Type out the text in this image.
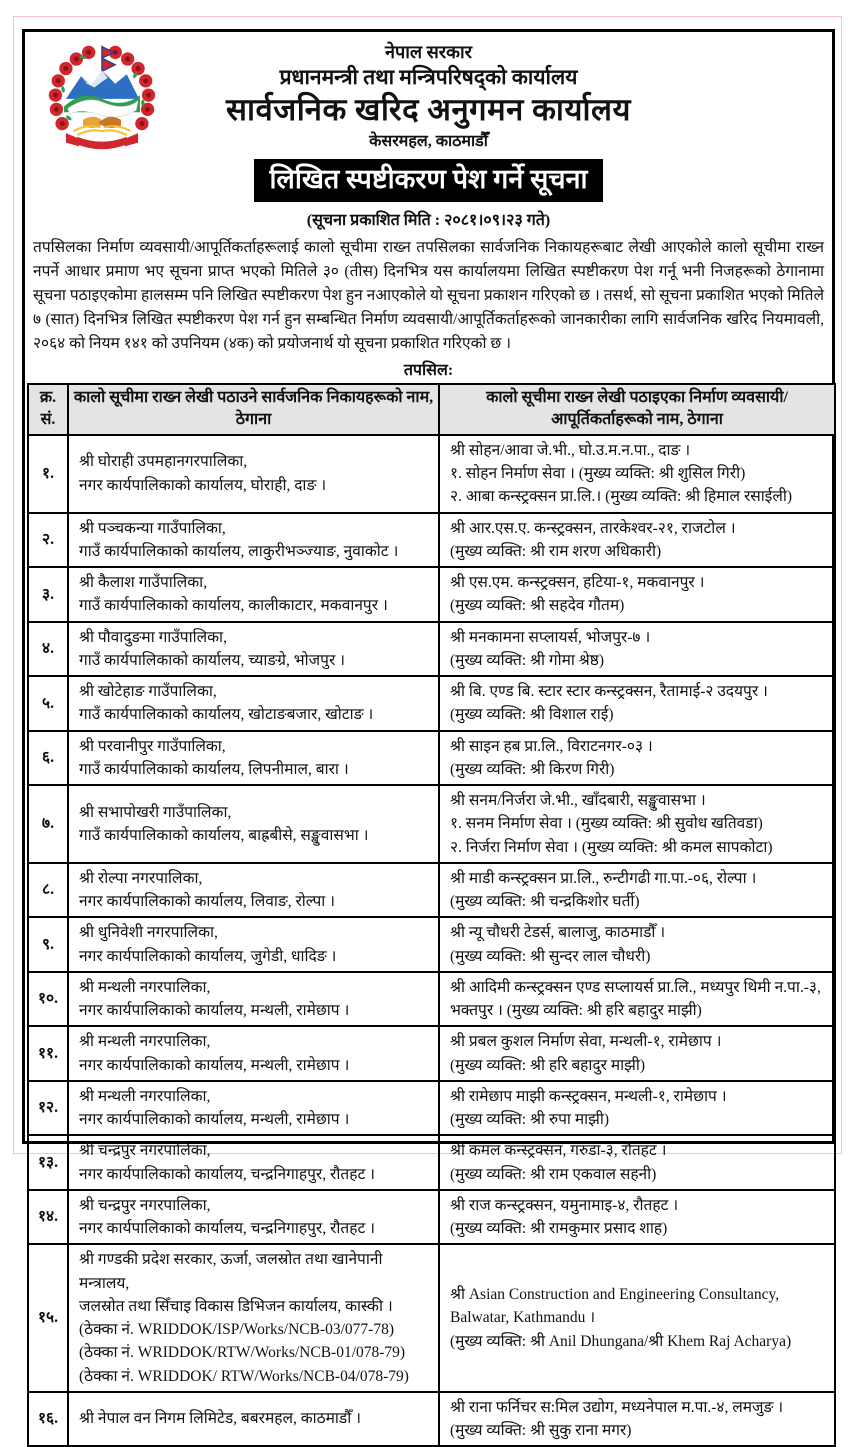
नेपाल सरकार
प्रधानमन्त्री तथा मन्त्रिपरिषद्को कार्यालय
सार्वजनिक खरिद अनुगमन कार्यालय
केसरमहल, काठमाडौँ
लिखित स्पष्टीकरण पेश गर्ने सूचना
(सूचना प्रकाशित मिति : २०८१।०९।२३ गते)
तपसिलका निर्माण व्यवसायी/आपूर्तिकर्ताहरूलाई कालो सूचीमा राख्न तपसिलका सार्वजनिक निकायहरूबाट लेखी आएकोले कालो सूचीमा राख्न नपर्ने आधार प्रमाण भए सूचना प्राप्त भएको मितिले ३० (तीस) दिनभित्र यस कार्यालयमा लिखित स्पष्टीकरण पेश गर्नू भनी निजहरूको ठेगानामा सूचना पठाइएकोमा हालसम्म पनि लिखित स्पष्टीकरण पेश हुन नआएकोले यो सूचना प्रकाशन गरिएको छ । तसर्थ, सो सूचना प्रकाशित भएको मितिले ७ (सात) दिनभित्र लिखित स्पष्टीकरण पेश गर्न हुन सम्बन्धित निर्माण व्यवसायी/आपूर्तिकर्ताहरूको जानकारीका लागि सार्वजनिक खरिद नियमावली, २०६४ को नियम १४१ को उपनियम (४क) को प्रयोजनार्थ यो सूचना प्रकाशित गरिएको छ ।
तपसिल:
क्र. सं.	कालो सूचीमा राख्न लेखी पठाउने सार्वजनिक निकायहरूको नाम, ठेगाना	कालो सूचीमा राख्न लेखी पठाइएका निर्माण व्यवसायी/आपूर्तिकर्ताहरूको नाम, ठेगाना
१.	श्री घोराही उपमहानगरपालिका,
नगर कार्यपालिकाको कार्यालय, घोराही, दाङ ।	श्री सोहन/आवा जे.भी., घो.उ.म.न.पा., दाङ ।
१. सोहन निर्माण सेवा । (मुख्य व्यक्ति: श्री शुसिल गिरी)
२. आबा कन्स्ट्रक्सन प्रा.लि.। (मुख्य व्यक्ति: श्री हिमाल रसाईली)

२.	श्री पञ्चकन्या गाउँपालिका,
गाउँ कार्यपालिकाको कार्यालय, लाकुरीभञ्ज्याङ, नुवाकोट ।	श्री आर.एस.ए. कन्स्ट्रक्सन, तारकेश्वर-२१, राजटोल ।
(मुख्य व्यक्ति: श्री राम शरण अधिकारी)

३.	श्री कैलाश गाउँपालिका,
गाउँ कार्यपालिकाको कार्यालय, कालीकाटार, मकवानपुर ।	श्री एस.एम. कन्स्ट्रक्सन, हटिया-१, मकवानपुर ।
(मुख्य व्यक्ति: श्री सहदेव गौतम)

४.	श्री पौवादुङमा गाउँपालिका,
गाउँ कार्यपालिकाको कार्यालय, च्याङग्रे, भोजपुर ।	श्री मनकामना सप्लायर्स, भोजपुर-७ ।
(मुख्य व्यक्ति: श्री गोमा श्रेष्ठ)

५.	श्री खोटेहाङ गाउँपालिका,
गाउँ कार्यपालिकाको कार्यालय, खोटाङबजार, खोटाङ ।	श्री बि. एण्ड बि. स्टार स्टार कन्स्ट्रक्सन, रैतामाई-२ उदयपुर ।
(मुख्य व्यक्ति: श्री विशाल राई)

६.	श्री परवानीपुर गाउँपालिका,
गाउँ कार्यपालिकाको कार्यालय, लिपनीमाल, बारा ।	श्री साइन हब प्रा.लि., विराटनगर-०३ ।
(मुख्य व्यक्ति: श्री किरण गिरी)

७.	श्री सभापोखरी गाउँपालिका,
गाउँ कार्यपालिकाको कार्यालय, बाह्रबीसे, सङ्खुवासभा ।	श्री सनम/निर्जरा जे.भी., खाँदबारी, सङ्खुवासभा ।
१. सनम निर्माण सेवा । (मुख्य व्यक्ति: श्री सुवोध खतिवडा)
२. निर्जरा निर्माण सेवा । (मुख्य व्यक्ति: श्री कमल सापकोटा)

८.	श्री रोल्पा नगरपालिका,
नगर कार्यपालिकाको कार्यालय, लिवाङ, रोल्पा ।	श्री माडी कन्स्ट्रक्सन प्रा.लि., रुन्टीगढी गा.पा.-०६, रोल्पा ।
(मुख्य व्यक्ति: श्री चन्द्रकिशोर घर्ती)

९.	श्री धुनिवेशी नगरपालिका,
नगर कार्यपालिकाको कार्यालय, जुगेडी, धादिङ ।	श्री न्यू चौधरी टेडर्स, बालाजु, काठमाडौँ ।
(मुख्य व्यक्ति: श्री सुन्दर लाल चौधरी)

१०.	श्री मन्थली नगरपालिका,
नगर कार्यपालिकाको कार्यालय, मन्थली, रामेछाप ।	श्री आदिमी कन्स्ट्रक्सन एण्ड सप्लायर्स प्रा.लि., मध्यपुर थिमी न.पा.-३,
भक्तपुर । (मुख्य व्यक्ति: श्री हरि बहादुर माझी)

११.	श्री मन्थली नगरपालिका,
नगर कार्यपालिकाको कार्यालय, मन्थली, रामेछाप ।	श्री प्रबल कुशल निर्माण सेवा, मन्थली-१, रामेछाप ।
(मुख्य व्यक्ति: श्री हरि बहादुर माझी)

१२.	श्री मन्थली नगरपालिका,
नगर कार्यपालिकाको कार्यालय, मन्थली, रामेछाप ।	श्री रामेछाप माझी कन्स्ट्रक्सन, मन्थली-१, रामेछाप ।
(मुख्य व्यक्ति: श्री रुपा माझी)

१३.	श्री चन्द्रपुर नगरपालिका,
नगर कार्यपालिकाको कार्यालय, चन्द्रनिगाहपुर, रौतहट ।	श्री कमल कन्स्ट्रक्सन, गरुडा-३, रौतहट ।
(मुख्य व्यक्ति: श्री राम एकवाल सहनी)

१४.	श्री चन्द्रपुर नगरपालिका,
नगर कार्यपालिकाको कार्यालय, चन्द्रनिगाहपुर, रौतहट ।	श्री राज कन्स्ट्रक्सन, यमुनामाइ-४, रौतहट ।
(मुख्य व्यक्ति: श्री रामकुमार प्रसाद शाह)

१५.	
श्री गण्डकी प्रदेश सरकार, ऊर्जा, जलस्रोत तथा खानेपानी मन्त्रालय,
जलस्रोत तथा सिँचाइ विकास डिभिजन कार्यालय, कास्की ।
(ठेक्का नं. WRIDDOK/ISP/Works/NCB-03/077-78)
(ठेक्का नं. WRIDDOK/RTW/Works/NCB-01/078-79)
(ठेक्का नं. WRIDDOK/ RTW/Works/NCB-04/078-79)

श्री Asian Construction and Engineering Consultancy,
Balwatar, Kathmandu ।
(मुख्य व्यक्ति: श्री Anil Dhungana/श्री Khem Raj Acharya)

१६.	श्री नेपाल वन निगम लिमिटेड, बबरमहल, काठमाडौँ ।	श्री राना फर्निचर स:मिल उद्योग, मध्यनेपाल म.पा.-४, लमजुङ ।
(मुख्य व्यक्ति: श्री सुकु राना मगर)
